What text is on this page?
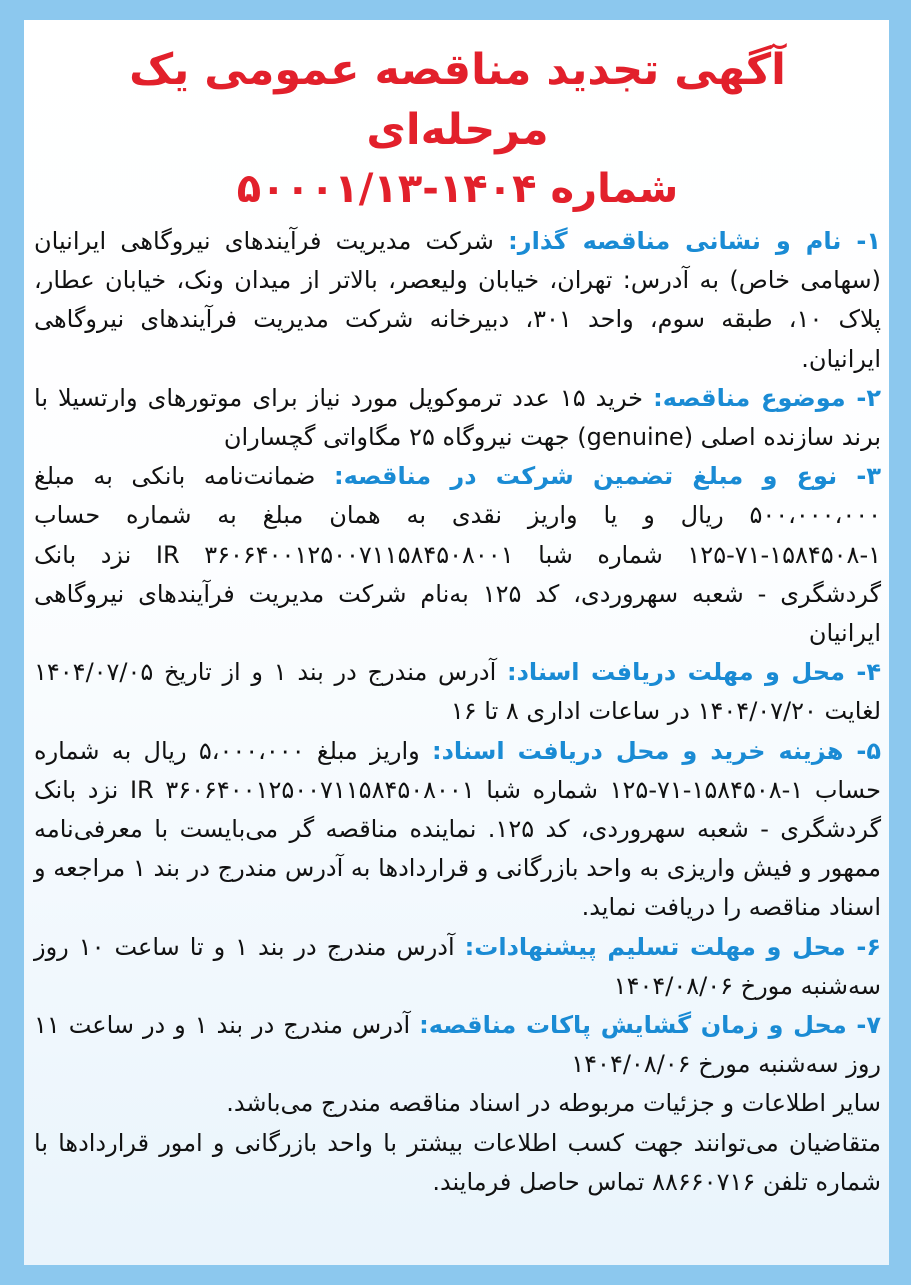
آگهی تجدید مناقصه عمومی یک مرحله‌ای
شماره ۱۴۰۴-۵۰۰۰۱/۱۳

۱- نام و نشانی مناقصه گذار: شرکت مدیریت فرآیندهای نیروگاهی ایرانیان (سهامی خاص) به آدرس: تهران، خیابان ولیعصر، بالاتر از میدان ونک، خیابان عطار، پلاک ۱۰، طبقه سوم، واحد ۳۰۱، دبیرخانه شرکت مدیریت فرآیندهای نیروگاهی ایرانیان.

۲- موضوع مناقصه: خرید ۱۵ عدد ترموکوپل مورد نیاز برای موتورهای وارتسیلا با برند سازنده اصلی (genuine) جهت نیروگاه ۲۵ مگاواتی گچساران

۳- نوع و مبلغ تضمین شرکت در مناقصه: ضمانت‌نامه بانکی به مبلغ ۵۰۰،۰۰۰،۰۰۰ ریال و یا واریز نقدی به همان مبلغ به شماره حساب ۱-۱۵۸۴۵۰۸-۷۱-۱۲۵ شماره شبا IR ۳۶۰۶۴۰۰۱۲۵۰۰۷۱۱۵۸۴۵۰۸۰۰۱ نزد بانک گردشگری - شعبه سهروردی، کد ۱۲۵ به‌نام شرکت مدیریت فرآیندهای نیروگاهی ایرانیان

۴- محل و مهلت دریافت اسناد: آدرس مندرج در بند ۱ و از تاریخ ۱۴۰۴/۰۷/۰۵ لغایت ۱۴۰۴/۰۷/۲۰ در ساعات اداری ۸ تا ۱۶

۵- هزینه خرید و محل دریافت اسناد: واریز مبلغ ۵،۰۰۰،۰۰۰ ریال به شماره حساب ۱-۱۵۸۴۵۰۸-۷۱-۱۲۵ شماره شبا IR ۳۶۰۶۴۰۰۱۲۵۰۰۷۱۱۵۸۴۵۰۸۰۰۱ نزد بانک گردشگری - شعبه سهروردی، کد ۱۲۵. نماینده مناقصه گر می‌بایست با معرفی‌نامه ممهور و فیش واریزی به واحد بازرگانی و قراردادها به آدرس مندرج در بند ۱ مراجعه و اسناد مناقصه را دریافت نماید.

۶- محل و مهلت تسلیم پیشنهادات: آدرس مندرج در بند ۱ و تا ساعت ۱۰ روز سه‌شنبه مورخ ۱۴۰۴/۰۸/۰۶

۷- محل و زمان گشایش پاکات مناقصه: آدرس مندرج در بند ۱ و در ساعت ۱۱ روز سه‌شنبه مورخ ۱۴۰۴/۰۸/۰۶

سایر اطلاعات و جزئیات مربوطه در اسناد مناقصه مندرج می‌باشد.

متقاضیان می‌توانند جهت کسب اطلاعات بیشتر با واحد بازرگانی و امور قراردادها با شماره تلفن ۸۸۶۶۰۷۱۶ تماس حاصل فرمایند.
